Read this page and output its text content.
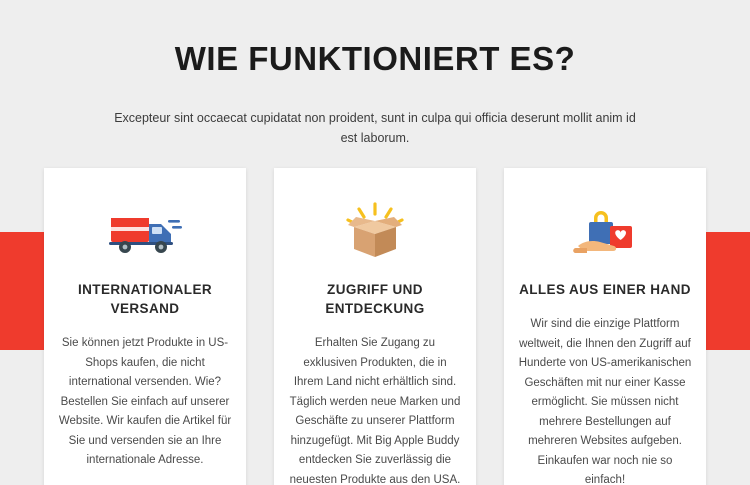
WIE FUNKTIONIERT ES?

Excepteur sint occaecat cupidatat non proident, sunt in culpa qui officia deserunt mollit anim id est laborum.

INTERNATIONALER VERSAND
Sie können jetzt Produkte in US-Shops kaufen, die nicht international versenden. Wie? Bestellen Sie einfach auf unserer Website. Wir kaufen die Artikel für Sie und versenden sie an Ihre internationale Adresse.
ZUGRIFF UND ENTDECKUNG
Erhalten Sie Zugang zu exklusiven Produkten, die in Ihrem Land nicht erhältlich sind. Täglich werden neue Marken und Geschäfte zu unserer Plattform hinzugefügt. Mit Big Apple Buddy entdecken Sie zuverlässig die neuesten Produkte aus den USA.
ALLES AUS EINER HAND
Wir sind die einzige Plattform weltweit, die Ihnen den Zugriff auf Hunderte von US-amerikanischen Geschäften mit nur einer Kasse ermöglicht. Sie müssen nicht mehrere Bestellungen auf mehreren Websites aufgeben. Einkaufen war noch nie so einfach!
